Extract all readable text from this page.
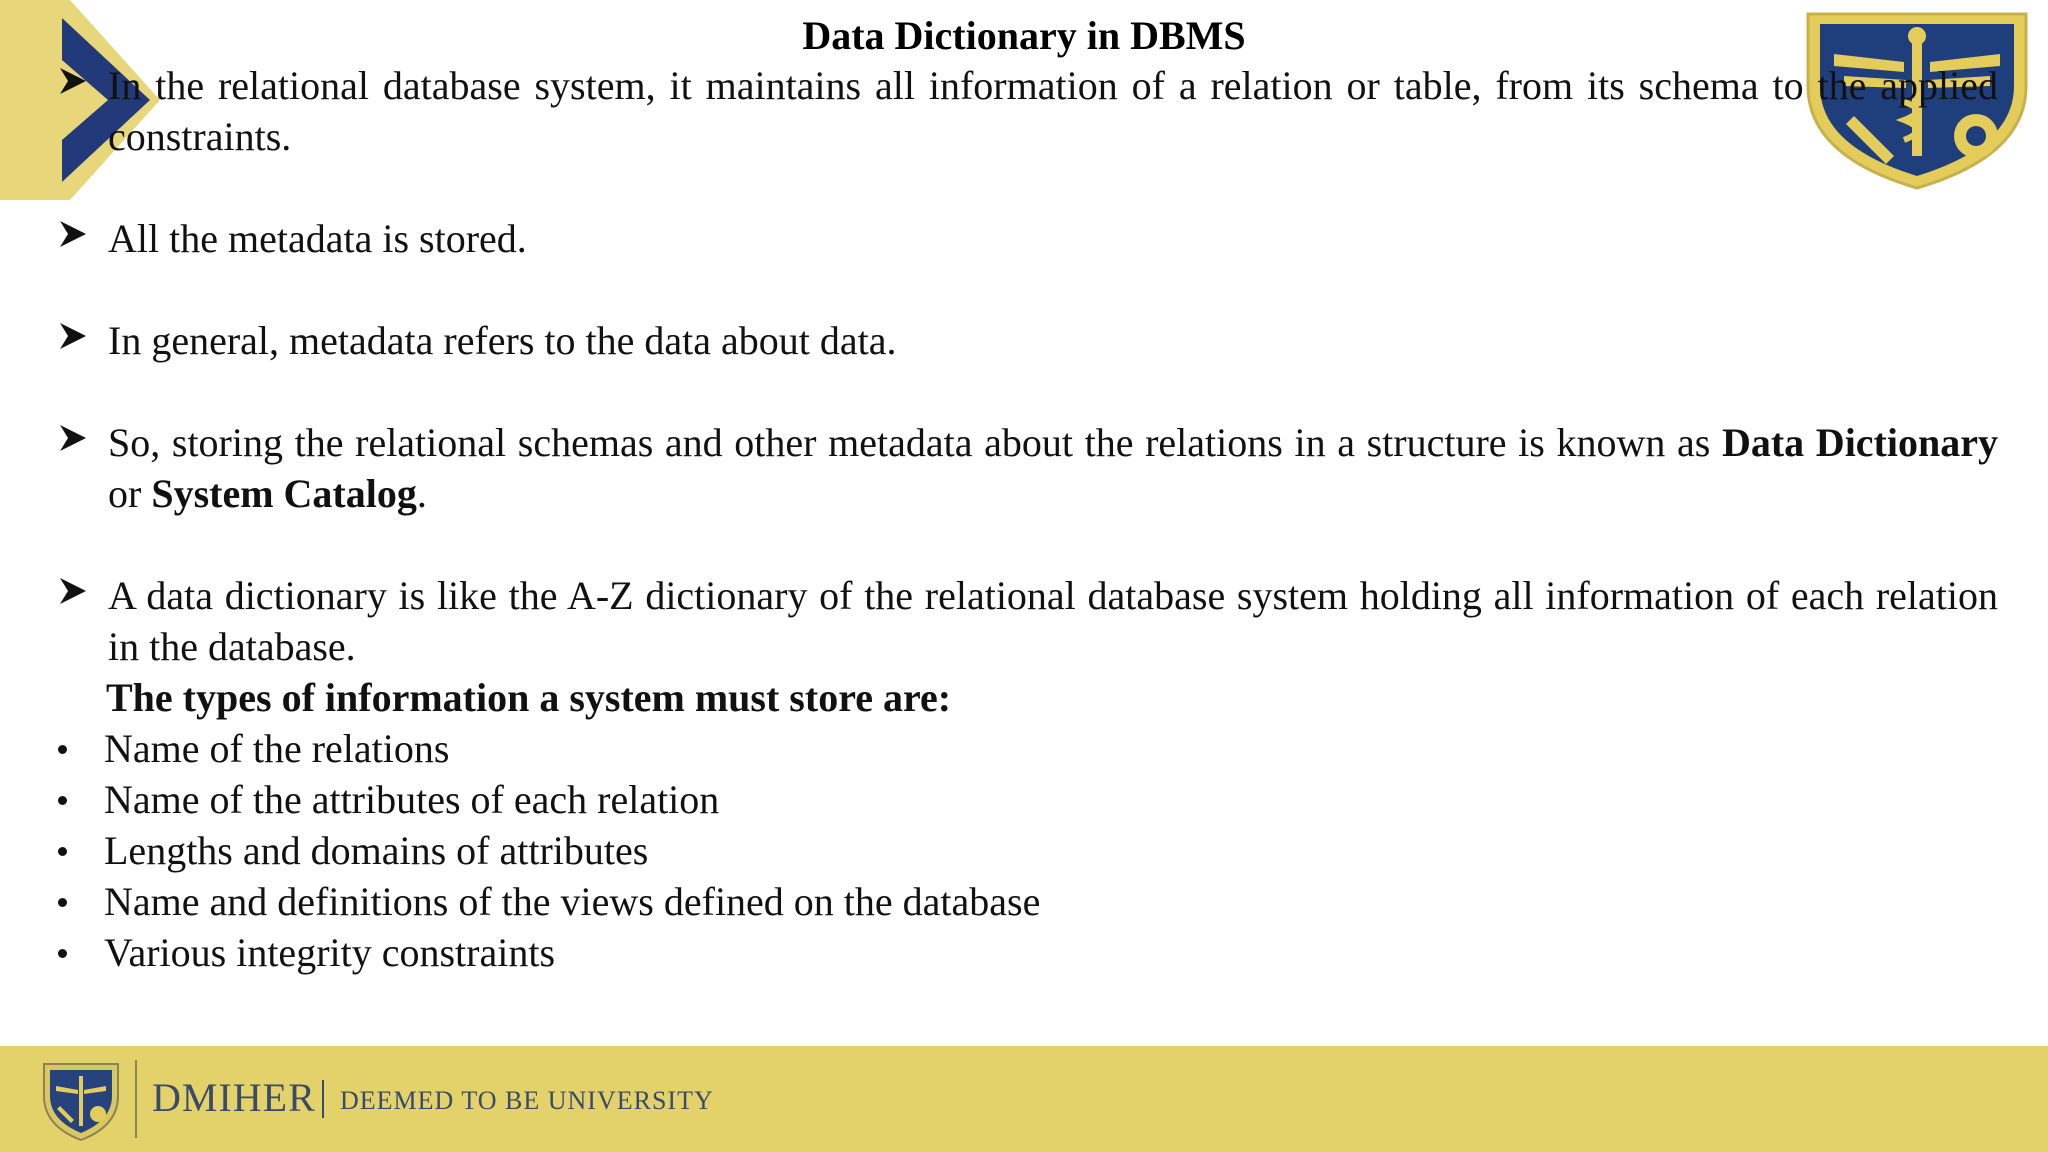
Data Dictionary in DBMS
In the relational database system, it maintains all information of a relation or table, from its schema to the applied constraints.
All the metadata is stored.
In general, metadata refers to the data about data.
So, storing the relational schemas and other metadata about the relations in a structure is known as Data Dictionary or System Catalog.
A data dictionary is like the A-Z dictionary of the relational database system holding all information of each relation in the database.
The types of information a system must store are:
Name of the relations
Name of the attributes of each relation
Lengths and domains of attributes
Name and definitions of the views defined on the database
Various integrity constraints
DMIHER DEEMED TO BE UNIVERSITY
